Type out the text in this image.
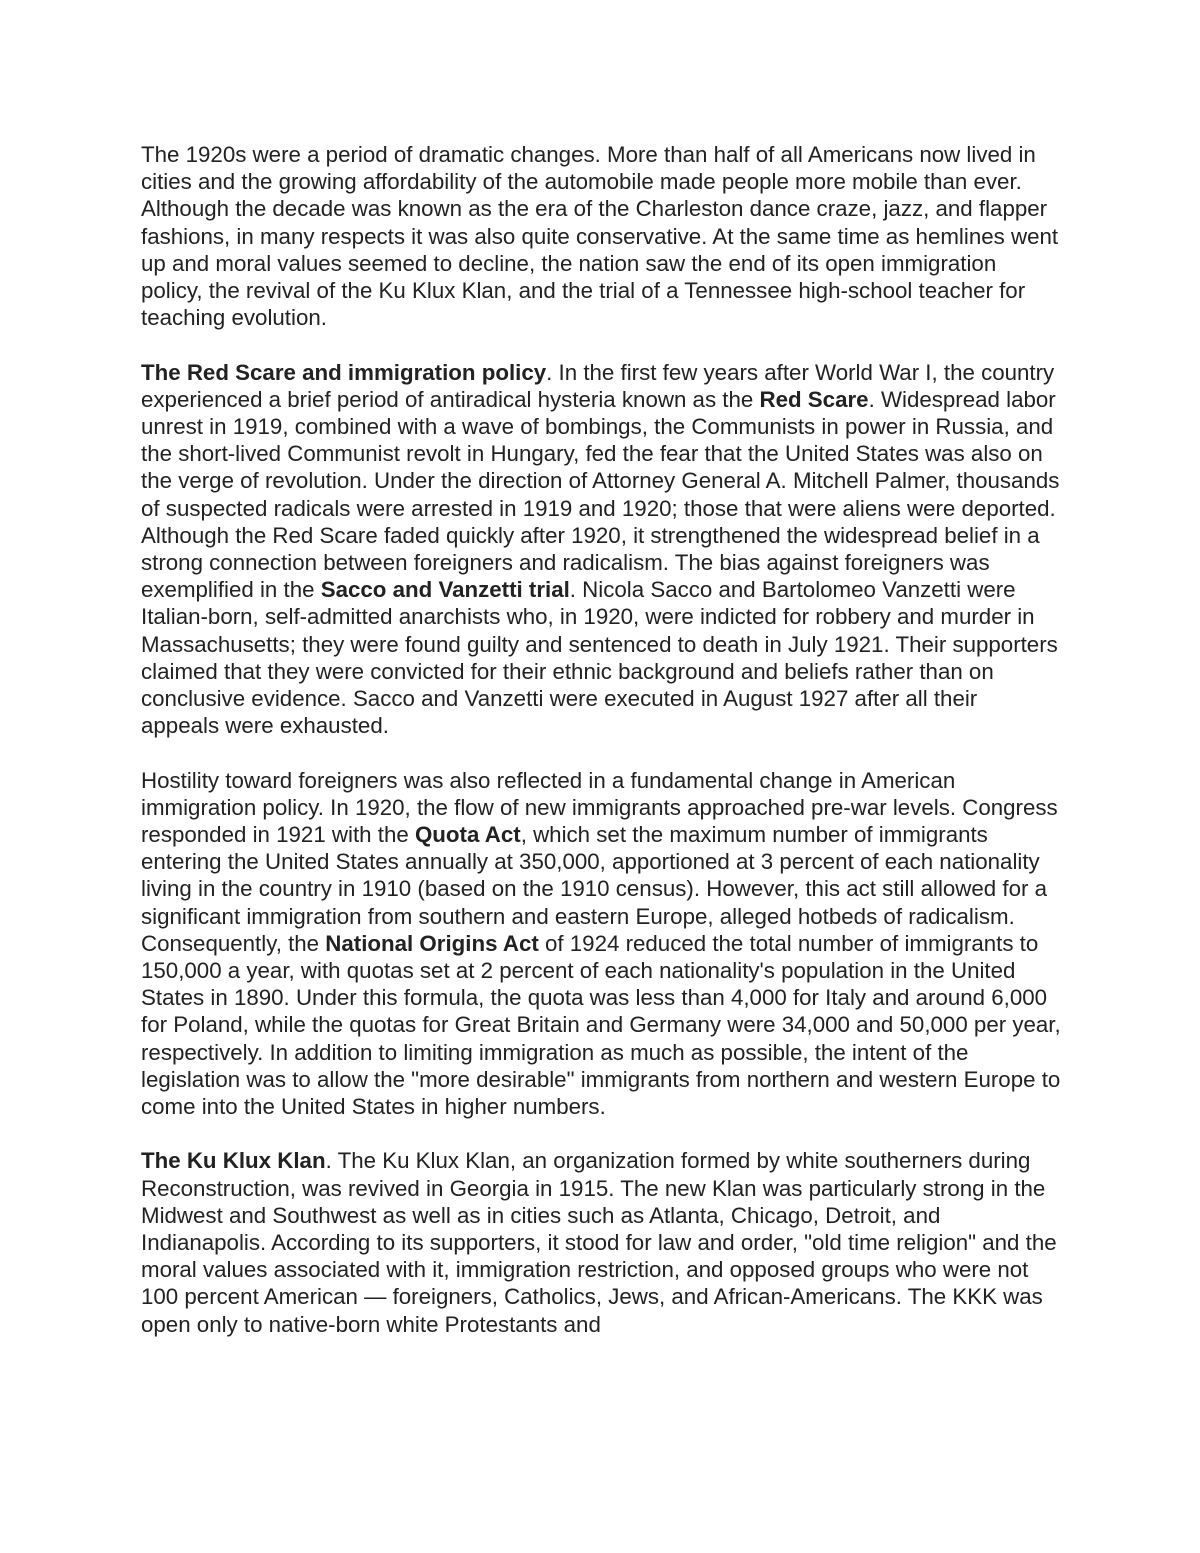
The 1920s were a period of dramatic changes. More than half of all Americans now lived in cities and the growing affordability of the automobile made people more mobile than ever. Although the decade was known as the era of the Charleston dance craze, jazz, and flapper fashions, in many respects it was also quite conservative. At the same time as hemlines went up and moral values seemed to decline, the nation saw the end of its open immigration policy, the revival of the Ku Klux Klan, and the trial of a Tennessee high-school teacher for teaching evolution.

The Red Scare and immigration policy. In the first few years after World War I, the country experienced a brief period of antiradical hysteria known as the Red Scare. Widespread labor unrest in 1919, combined with a wave of bombings, the Communists in power in Russia, and the short-lived Communist revolt in Hungary, fed the fear that the United States was also on the verge of revolution. Under the direction of Attorney General A. Mitchell Palmer, thousands of suspected radicals were arrested in 1919 and 1920; those that were aliens were deported. Although the Red Scare faded quickly after 1920, it strengthened the widespread belief in a strong connection between foreigners and radicalism. The bias against foreigners was exemplified in the Sacco and Vanzetti trial. Nicola Sacco and Bartolomeo Vanzetti were Italian-born, self-admitted anarchists who, in 1920, were indicted for robbery and murder in Massachusetts; they were found guilty and sentenced to death in July 1921. Their supporters claimed that they were convicted for their ethnic background and beliefs rather than on conclusive evidence. Sacco and Vanzetti were executed in August 1927 after all their appeals were exhausted.

Hostility toward foreigners was also reflected in a fundamental change in American immigration policy. In 1920, the flow of new immigrants approached pre-war levels. Congress responded in 1921 with the Quota Act, which set the maximum number of immigrants entering the United States annually at 350,000, apportioned at 3 percent of each nationality living in the country in 1910 (based on the 1910 census). However, this act still allowed for a significant immigration from southern and eastern Europe, alleged hotbeds of radicalism. Consequently, the National Origins Act of 1924 reduced the total number of immigrants to 150,000 a year, with quotas set at 2 percent of each nationality's population in the United States in 1890. Under this formula, the quota was less than 4,000 for Italy and around 6,000 for Poland, while the quotas for Great Britain and Germany were 34,000 and 50,000 per year, respectively. In addition to limiting immigration as much as possible, the intent of the legislation was to allow the "more desirable" immigrants from northern and western Europe to come into the United States in higher numbers.

The Ku Klux Klan. The Ku Klux Klan, an organization formed by white southerners during Reconstruction, was revived in Georgia in 1915. The new Klan was particularly strong in the Midwest and Southwest as well as in cities such as Atlanta, Chicago, Detroit, and Indianapolis. According to its supporters, it stood for law and order, "old time religion" and the moral values associated with it, immigration restriction, and opposed groups who were not 100 percent American — foreigners, Catholics, Jews, and African-Americans. The KKK was open only to native-born white Protestants and
